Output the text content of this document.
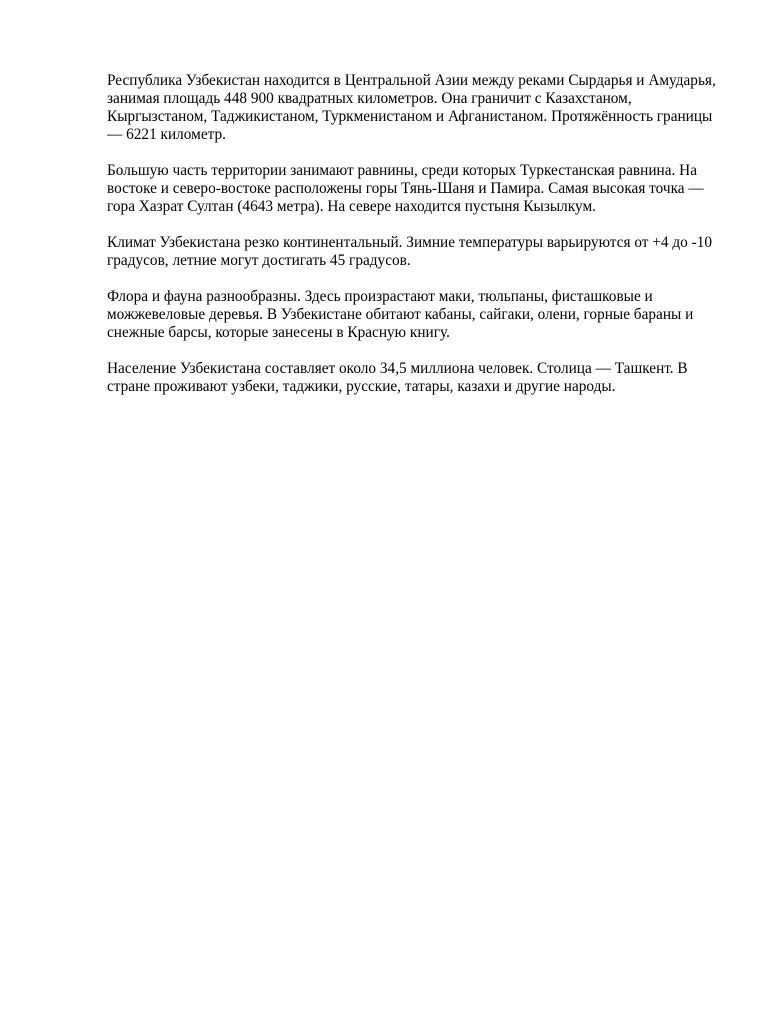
Республика Узбекистан находится в Центральной Азии между реками Сырдарья и Амударья, занимая площадь 448 900 квадратных километров. Она граничит с Казахстаном, Кыргызстаном, Таджикистаном, Туркменистаном и Афганистаном. Протяжённость границы — 6221 километр.

Большую часть территории занимают равнины, среди которых Туркестанская равнина. На востоке и северо-востоке расположены горы Тянь-Шаня и Памира. Самая высокая точка — гора Хазрат Султан (4643 метра). На севере находится пустыня Кызылкум.

Климат Узбекистана резко континентальный. Зимние температуры варьируются от +4 до -10 градусов, летние могут достигать 45 градусов.

Флора и фауна разнообразны. Здесь произрастают маки, тюльпаны, фисташковые и можжевеловые деревья. В Узбекистане обитают кабаны, сайгаки, олени, горные бараны и снежные барсы, которые занесены в Красную книгу.

Население Узбекистана составляет около 34,5 миллиона человек. Столица — Ташкент. В стране проживают узбеки, таджики, русские, татары, казахи и другие народы.
